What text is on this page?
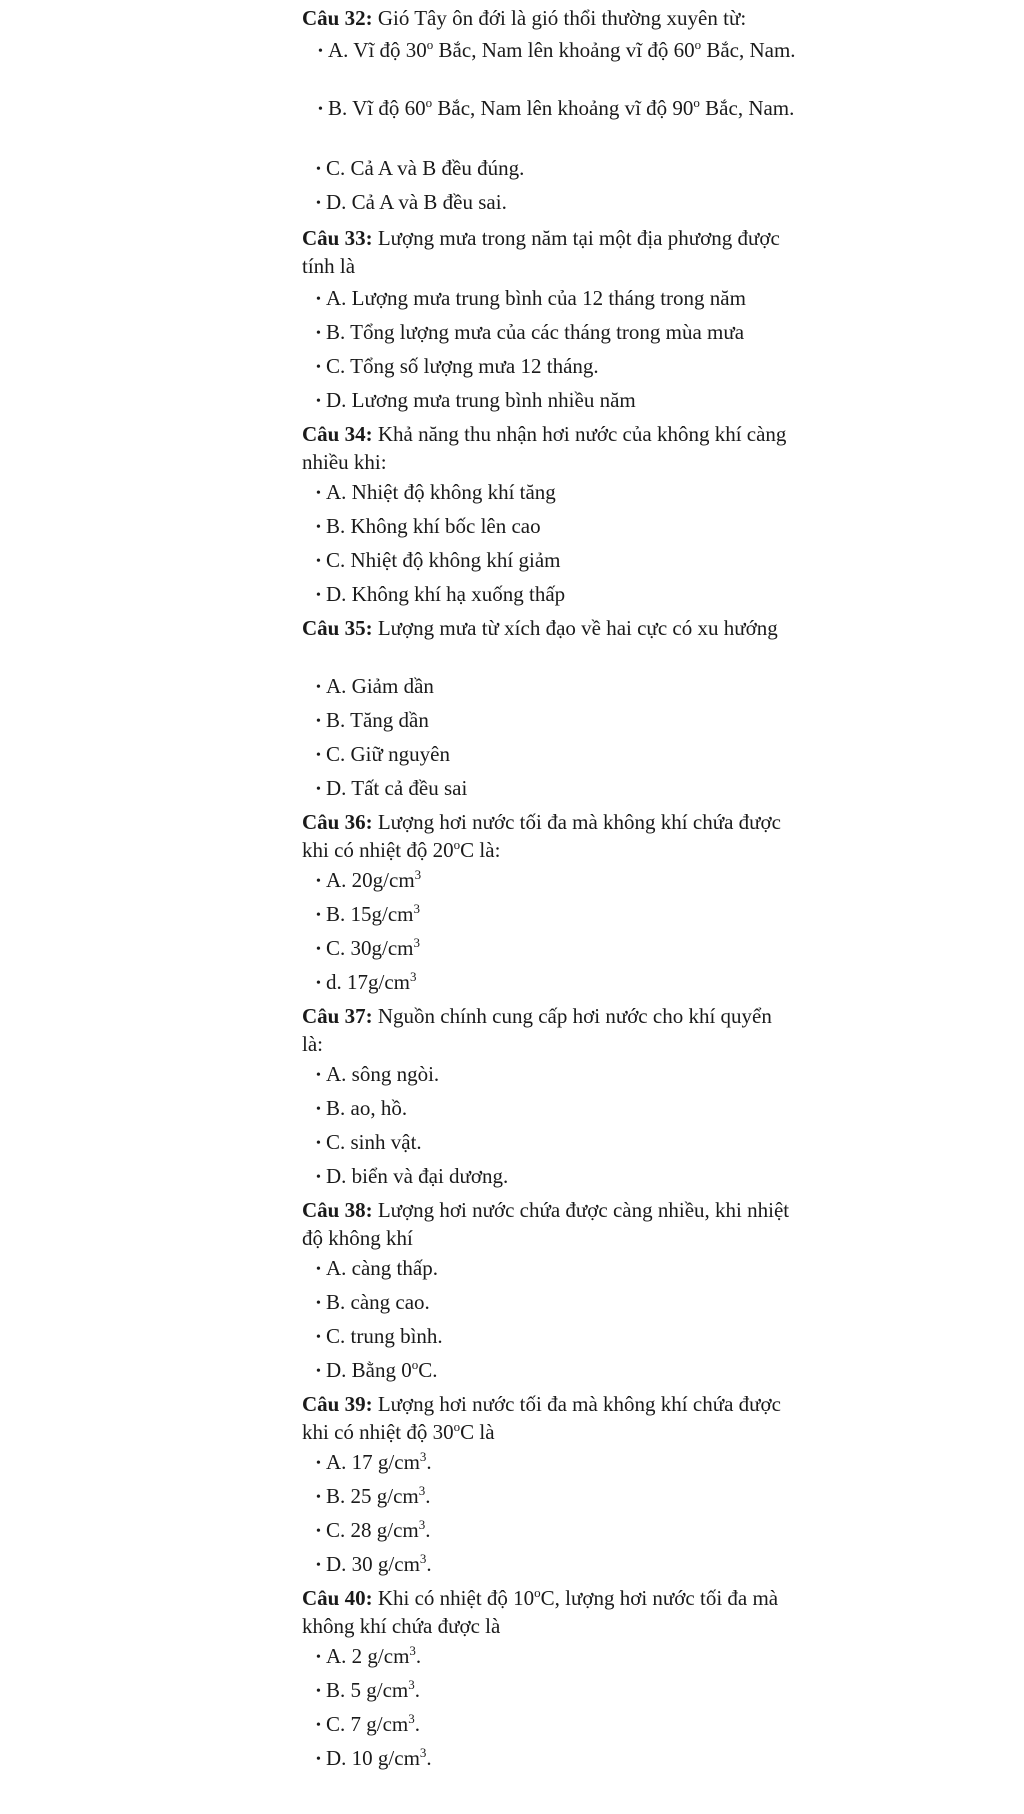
Câu 32: Gió Tây ôn đới là gió thổi thường xuyên từ:
• A. Vĩ độ 30$^o$ Bắc, Nam lên khoảng vĩ độ 60$^o$ Bắc, Nam.
• B. Vĩ độ 60$^o$ Bắc, Nam lên khoảng vĩ độ 90$^o$ Bắc, Nam.
• C. Cả A và B đều đúng.
• D. Cả A và B đều sai.
Câu 33: Lượng mưa trong năm tại một địa phương được tính là
• A. Lượng mưa trung bình của 12 tháng trong năm
• B. Tổng lượng mưa của các tháng trong mùa mưa
• C. Tổng số lượng mưa 12 tháng.
• D. Lương mưa trung bình nhiều năm
Câu 34: Khả năng thu nhận hơi nước của không khí càng nhiều khi:
• A. Nhiệt độ không khí tăng
• B. Không khí bốc lên cao
• C. Nhiệt độ không khí giảm
• D. Không khí hạ xuống thấp
Câu 35: Lượng mưa từ xích đạo về hai cực có xu hướng
• A. Giảm dần
• B. Tăng dần
• C. Giữ nguyên
• D. Tất cả đều sai
Câu 36: Lượng hơi nước tối đa mà không khí chứa được khi có nhiệt độ 20$^o$C là:
• A. $20g/cm^3$
• B. $15g/cm^3$
• C. $30g/cm^3$
• d. $17g/cm^3$
Câu 37: Nguồn chính cung cấp hơi nước cho khí quyển là:
• A. sông ngòi.
• B. ao, hồ.
• C. sinh vật.
• D. biển và đại dương.
Câu 38: Lượng hơi nước chứa được càng nhiều, khi nhiệt độ không khí
• A. càng thấp.
• B. càng cao.
• C. trung bình.
• D. Bằng 0$^o$C.
Câu 39: Lượng hơi nước tối đa mà không khí chứa được khi có nhiệt độ 30$^o$C là
• A. 17 $g/cm^3$.
• B. 25 $g/cm^3$.
• C. 28 $g/cm^3$.
• D. 30 $g/cm^3$.
Câu 40: Khi có nhiệt độ 10$^o$C, lượng hơi nước tối đa mà không khí chứa được là
• A. 2 $g/cm^3$.
• B. 5 $g/cm^3$.
• C. 7 $g/cm^3$.
• D. 10 $g/cm^3$.
